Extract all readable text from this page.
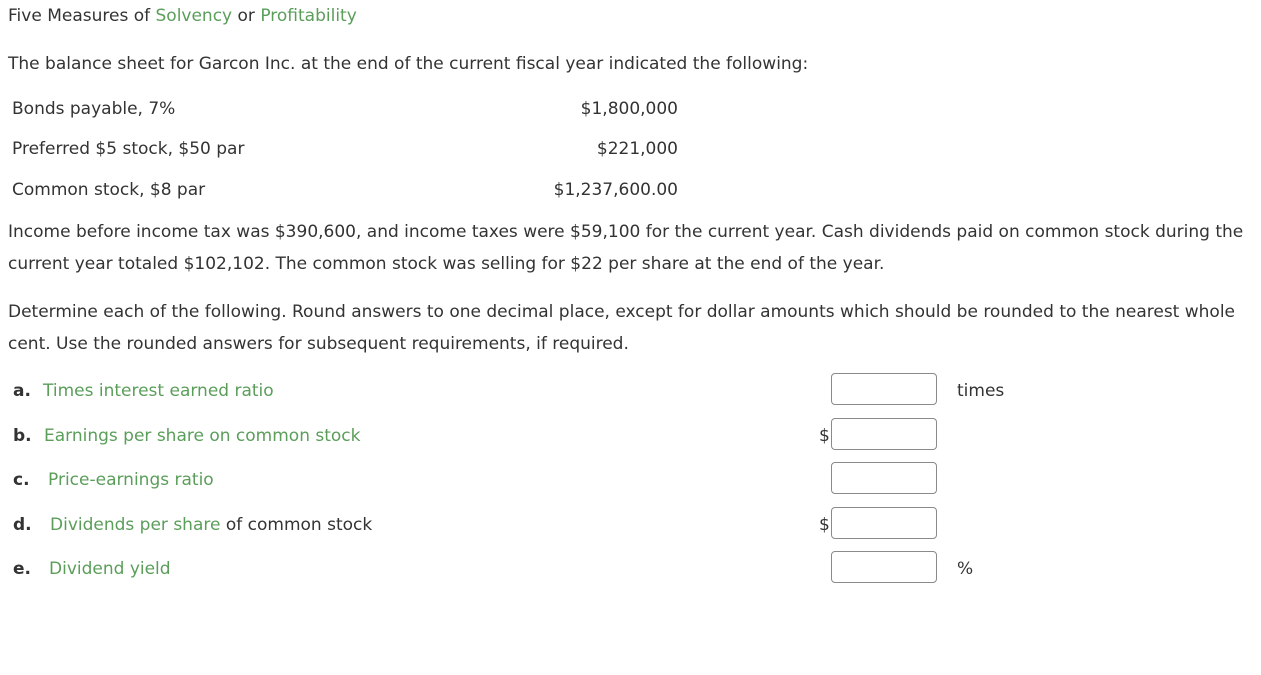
Five Measures of Solvency or Profitability
The balance sheet for Garcon Inc. at the end of the current fiscal year indicated the following:
Bonds payable, 7%	$1,800,000
Preferred $5 stock, $50 par	$221,000
Common stock, $8 par	$1,237,600.00
Income before income tax was $390,600, and income taxes were $59,100 for the current year. Cash dividends paid on common stock during the current year totaled $102,102. The common stock was selling for $22 per share at the end of the year.
Determine each of the following. Round answers to one decimal place, except for dollar amounts which should be rounded to the nearest whole cent. Use the rounded answers for subsequent requirements, if required.
a. Times interest earned ratio	times
b. Earnings per share on common stock	$
c. Price-earnings ratio
d. Dividends per share of common stock	$
e. Dividend yield	%
